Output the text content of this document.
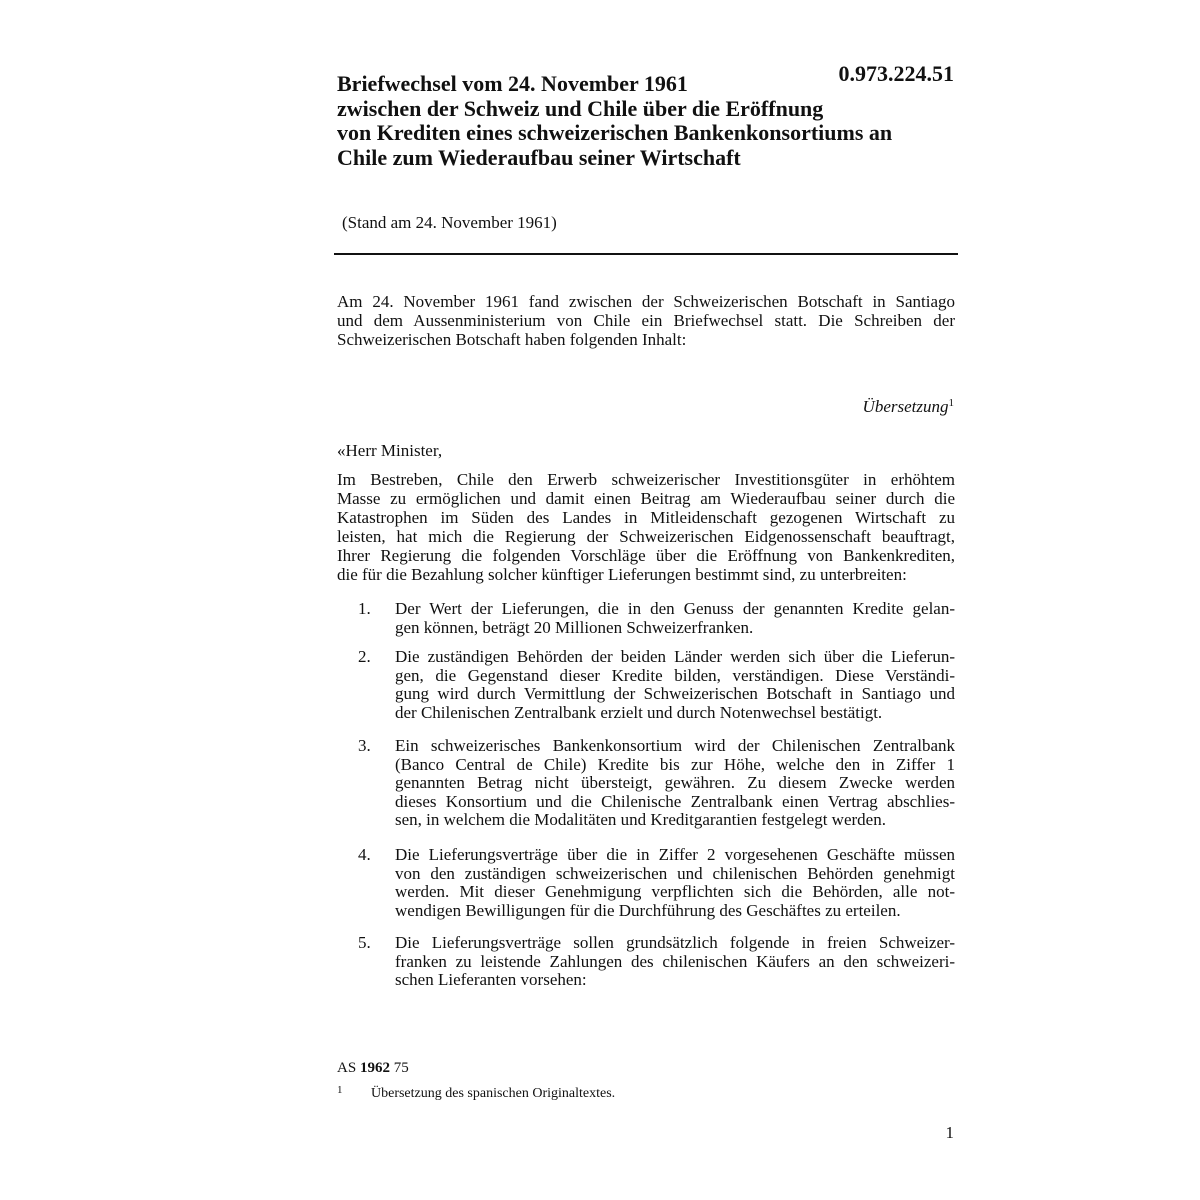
0.973.224.51
Briefwechsel vom 24. November 1961
zwischen der Schweiz und Chile über die Eröffnung
von Krediten eines schweizerischen Bankenkonsortiums an
Chile zum Wiederaufbau seiner Wirtschaft
(Stand am 24. November 1961)
Am 24. November 1961 fand zwischen der Schweizerischen Botschaft in Santiago
und dem Aussenministerium von Chile ein Briefwechsel statt. Die Schreiben der
Schweizerischen Botschaft haben folgenden Inhalt:
Übersetzung$^1$
«Herr Minister,
Im Bestreben, Chile den Erwerb schweizerischer Investitionsgüter in erhöhtem
Masse zu ermöglichen und damit einen Beitrag am Wiederaufbau seiner durch die
Katastrophen im Süden des Landes in Mitleidenschaft gezogenen Wirtschaft zu
leisten, hat mich die Regierung der Schweizerischen Eidgenossenschaft beauftragt,
Ihrer Regierung die folgenden Vorschläge über die Eröffnung von Bankenkrediten,
die für die Bezahlung solcher künftiger Lieferungen bestimmt sind, zu unterbreiten:
1. Der Wert der Lieferungen, die in den Genuss der genannten Kredite gelan-
gen können, beträgt 20 Millionen Schweizerfranken.
2. Die zuständigen Behörden der beiden Länder werden sich über die Lieferun-
gen, die Gegenstand dieser Kredite bilden, verständigen. Diese Verständi-
gung wird durch Vermittlung der Schweizerischen Botschaft in Santiago und
der Chilenischen Zentralbank erzielt und durch Notenwechsel bestätigt.
3. Ein schweizerisches Bankenkonsortium wird der Chilenischen Zentralbank
(Banco Central de Chile) Kredite bis zur Höhe, welche den in Ziffer 1
genannten Betrag nicht übersteigt, gewähren. Zu diesem Zwecke werden
dieses Konsortium und die Chilenische Zentralbank einen Vertrag abschlies-
sen, in welchem die Modalitäten und Kreditgarantien festgelegt werden.
4. Die Lieferungsverträge über die in Ziffer 2 vorgesehenen Geschäfte müssen
von den zuständigen schweizerischen und chilenischen Behörden genehmigt
werden. Mit dieser Genehmigung verpflichten sich die Behörden, alle not-
wendigen Bewilligungen für die Durchführung des Geschäftes zu erteilen.
5. Die Lieferungsverträge sollen grundsätzlich folgende in freien Schweizer-
franken zu leistende Zahlungen des chilenischen Käufers an den schweizeri-
schen Lieferanten vorsehen:
AS 1962 75
1 Übersetzung des spanischen Originaltextes.
1
